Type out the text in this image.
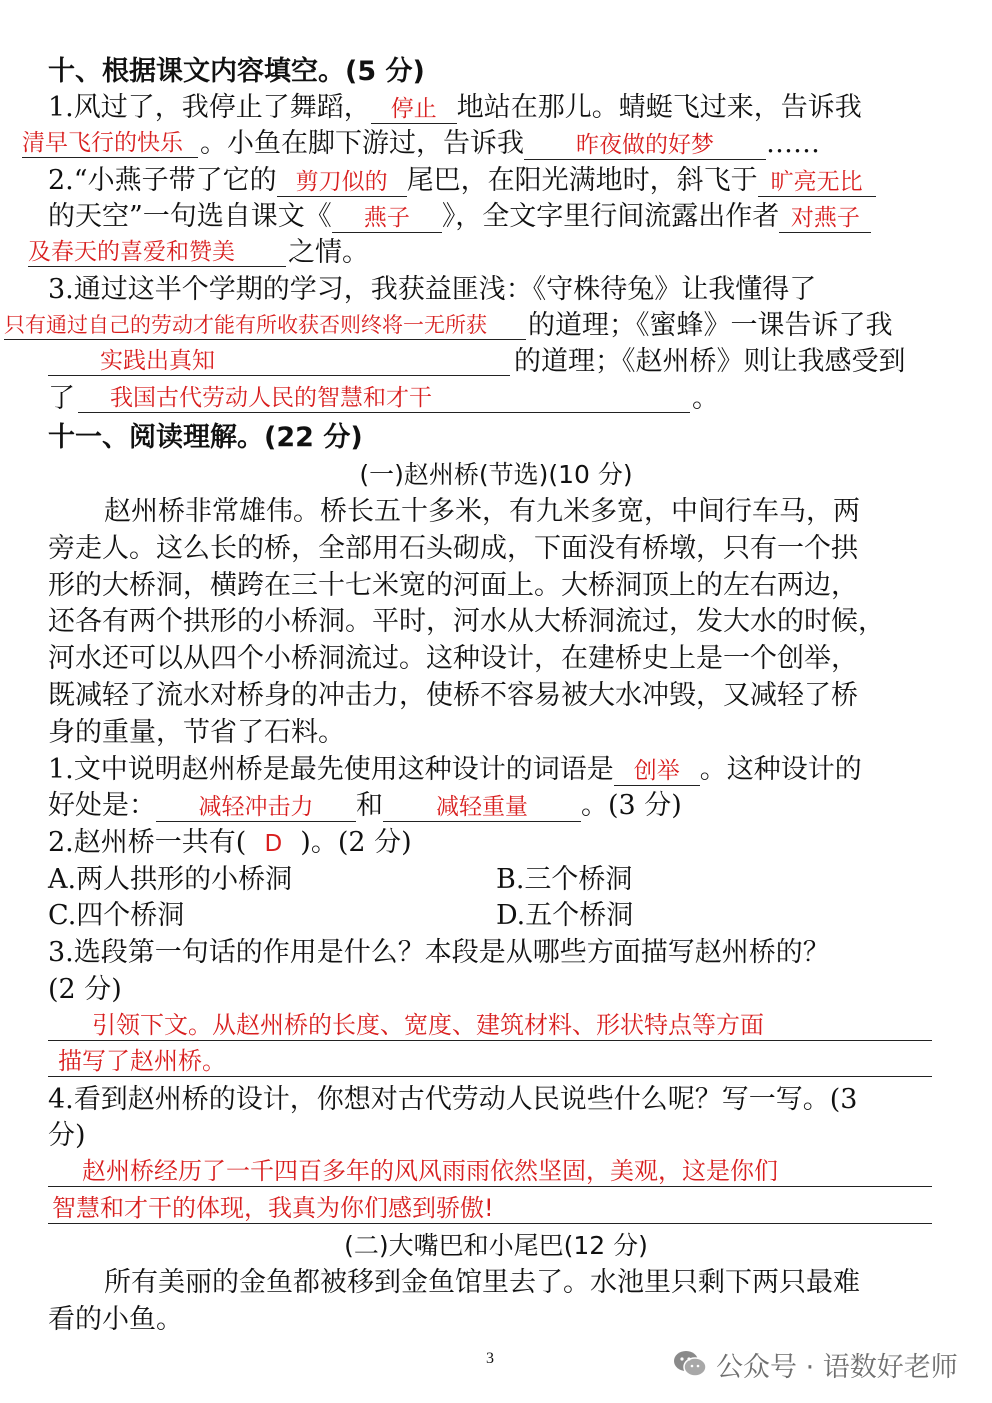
十、根据课文内容填空。(5 分)
1.风过了，我停止了舞蹈， 停止 地站在那儿。蜻蜓飞过来，告诉我
清早飞行的快乐 。小鱼在脚下游过，告诉我 昨夜做的好梦 ……
2.“小燕子带了它的 剪刀似的 尾巴，在阳光满地时，斜飞于 旷亮无比
的天空”一句选自课文《 燕子 》，全文字里行间流露出作者 对燕子
及春天的喜爱和赞美 之情。
3.通过这半个学期的学习，我获益匪浅：《守株待兔》让我懂得了
只有通过自己的劳动才能有所收获否则终将一无所获 的道理；《蜜蜂》一课告诉了我
实践出真知	的道理；《赵州桥》则让我感受到
了	我国古代劳动人民的智慧和才干	。
十一、阅读理解。(22 分)
(一)赵州桥(节选)(10 分)
赵州桥非常雄伟。桥长五十多米，有九米多宽，中间行车马，两
旁走人。这么长的桥，全部用石头砌成，下面没有桥墩，只有一个拱
形的大桥洞，横跨在三十七米宽的河面上。大桥洞顶上的左右两边，
还各有两个拱形的小桥洞。平时，河水从大桥洞流过，发大水的时候，
河水还可以从四个小桥洞流过。这种设计，在建桥史上是一个创举，
既减轻了流水对桥身的冲击力，使桥不容易被大水冲毁，又减轻了桥
身的重量，节省了石料。
1.文中说明赵州桥是最先使用这种设计的词语是 创举 。这种设计的
好处是： 减轻冲击力 和 减轻重量 。(3 分)
2.赵州桥一共有( D )。(2 分)
A.两人拱形的小桥洞	B.三个桥洞
C.四个桥洞	D.五个桥洞
3.选段第一句话的作用是什么？本段是从哪些方面描写赵州桥的？
(2 分)
引领下文。从赵州桥的长度、宽度、建筑材料、形状特点等方面
描写了赵州桥。
4.看到赵州桥的设计，你想对古代劳动人民说些什么呢？写一写。(3
分)
赵州桥经历了一千四百多年的风风雨雨依然坚固，美观，这是你们
智慧和才干的体现，我真为你们感到骄傲!
(二)大嘴巴和小尾巴(12 分)
所有美丽的金鱼都被移到金鱼馆里去了。水池里只剩下两只最难
看的小鱼。
3	公众号 · 语数好老师
